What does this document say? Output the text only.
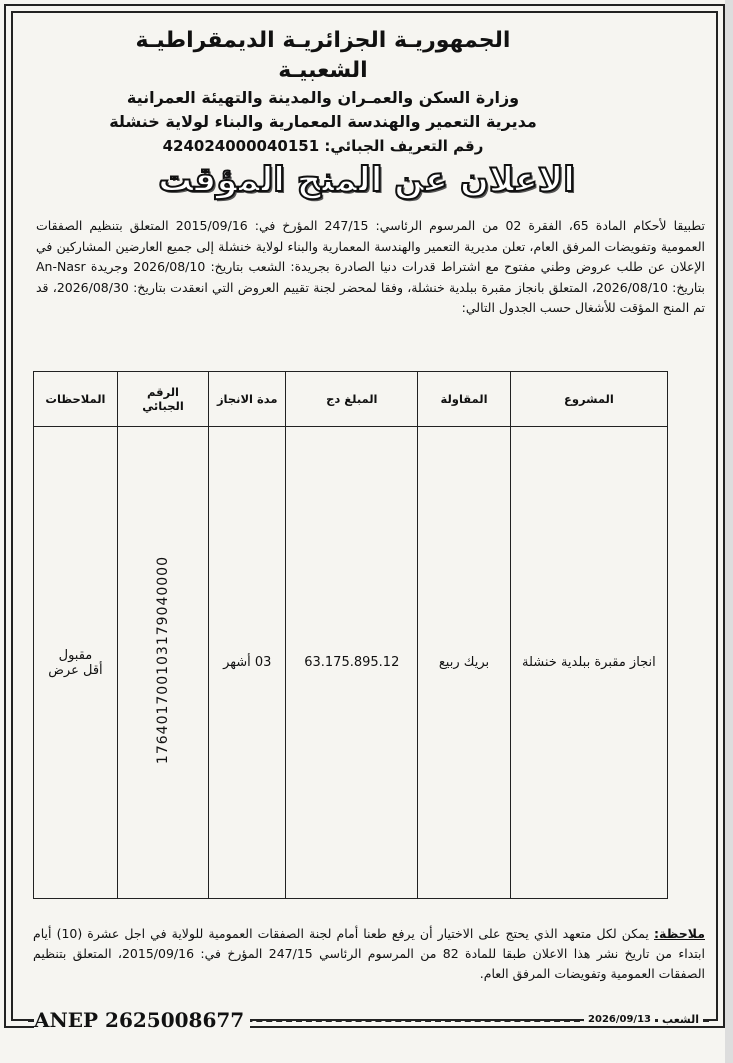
الجمهوريـة الجزائريـة الديمقراطيـة الشعبيـة
وزارة السكن والعمـران والمدينة والتهيئة العمرانية
مديرية التعمير والهندسة المعمارية والبناء لولاية خنشلة
رقم التعريف الجبائي: 424024000040151
الاعلان عن المنح المؤقت
تطبيقا لأحكام المادة 65، الفقرة 02 من المرسوم الرئاسي: 247/15 المؤرخ في: 2015/09/16 المتعلق بتنظيم الصفقات العمومية وتفويضات المرفق العام، تعلن مديرية التعمير والهندسة المعمارية والبناء لولاية خنشلة إلى جميع العارضين المشاركين في الإعلان عن طلب عروض وطني مفتوح مع اشتراط قدرات دنيا الصادرة بجريدة: الشعب بتاريخ: 2026/08/10 وجريدة An-Nasr بتاريخ: 2026/08/10، المتعلق بانجاز مقبرة ببلدية خنشلة، وفقا لمحضر لجنة تقييم العروض التي انعقدت بتاريخ: 2026/08/30، قد تم المنح المؤقت للأشغال حسب الجدول التالي:
المشروع	المقاولة	المبلغ دج	مدة الانجاز	الرقم الجبائي	الملاحظات
انجاز مقبرة ببلدية خنشلة	بريك ربيع	63.175.895.12	03 أشهر	176401700103179040000	مقبول
أقل عرض
ملاحظة: يمكن لكل متعهد الذي يحتج على الاختيار أن يرفع طعنا أمام لجنة الصفقات العمومية للولاية في اجل عشرة (10) أيام ابتداء من تاريخ نشر هذا الاعلان طبقا للمادة 82 من المرسوم الرئاسي 247/15 المؤرخ في: 2015/09/16، المتعلق بتنظيم الصفقات العمومية وتفويضات المرفق العام.
ANEP 2625008677	2026/09/13	الشعب
